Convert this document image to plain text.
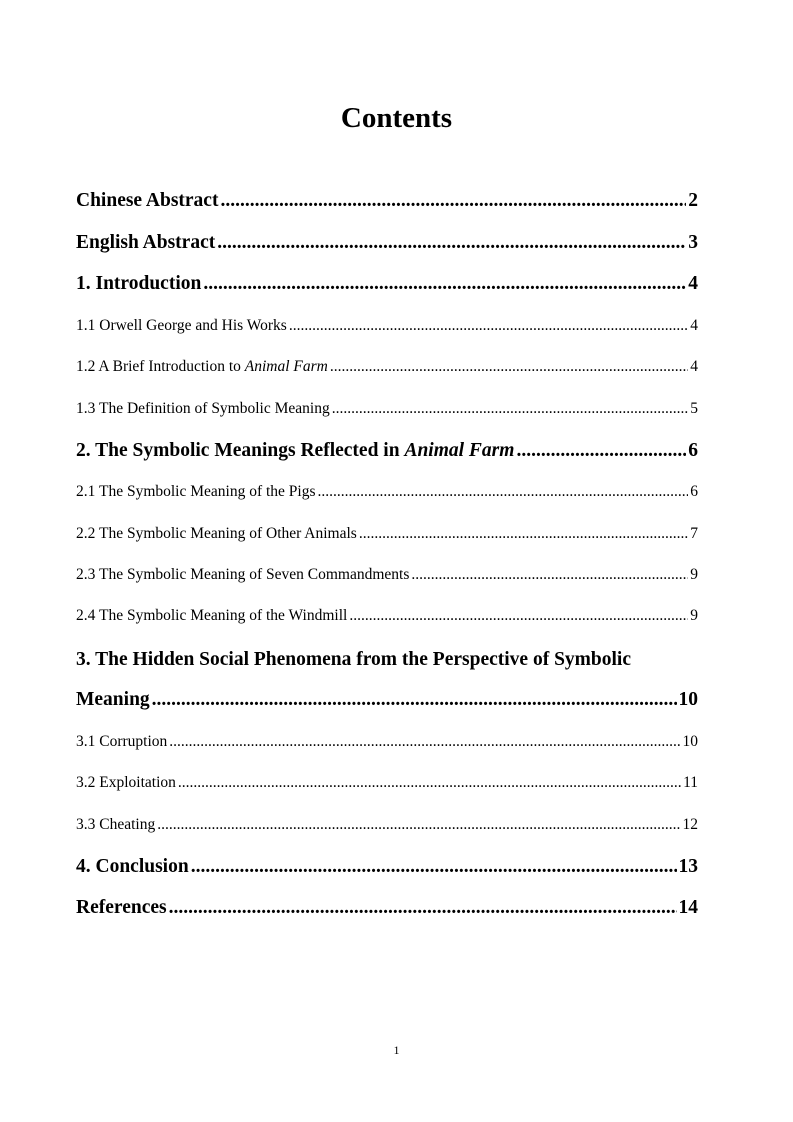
Contents
Chinese Abstract .....	2
English Abstract .....	3
1. Introduction .....	4
1.1 Orwell George and His Works .....	4
1.2 A Brief Introduction to Animal Farm .....	4
1.3 The Definition of Symbolic Meaning .....	5
2. The Symbolic Meanings Reflected in Animal Farm .....	6
2.1 The Symbolic Meaning of the Pigs .....	6
2.2 The Symbolic Meaning of Other Animals .....	7
2.3 The Symbolic Meaning of Seven Commandments .....	9
2.4 The Symbolic Meaning of the Windmill .....	9
3. The Hidden Social Phenomena from the Perspective of Symbolic
Meaning .....	10
3.1 Corruption .....	10
3.2 Exploitation .....	11
3.3 Cheating .....	12
4. Conclusion .....	13
References .....	14
1
